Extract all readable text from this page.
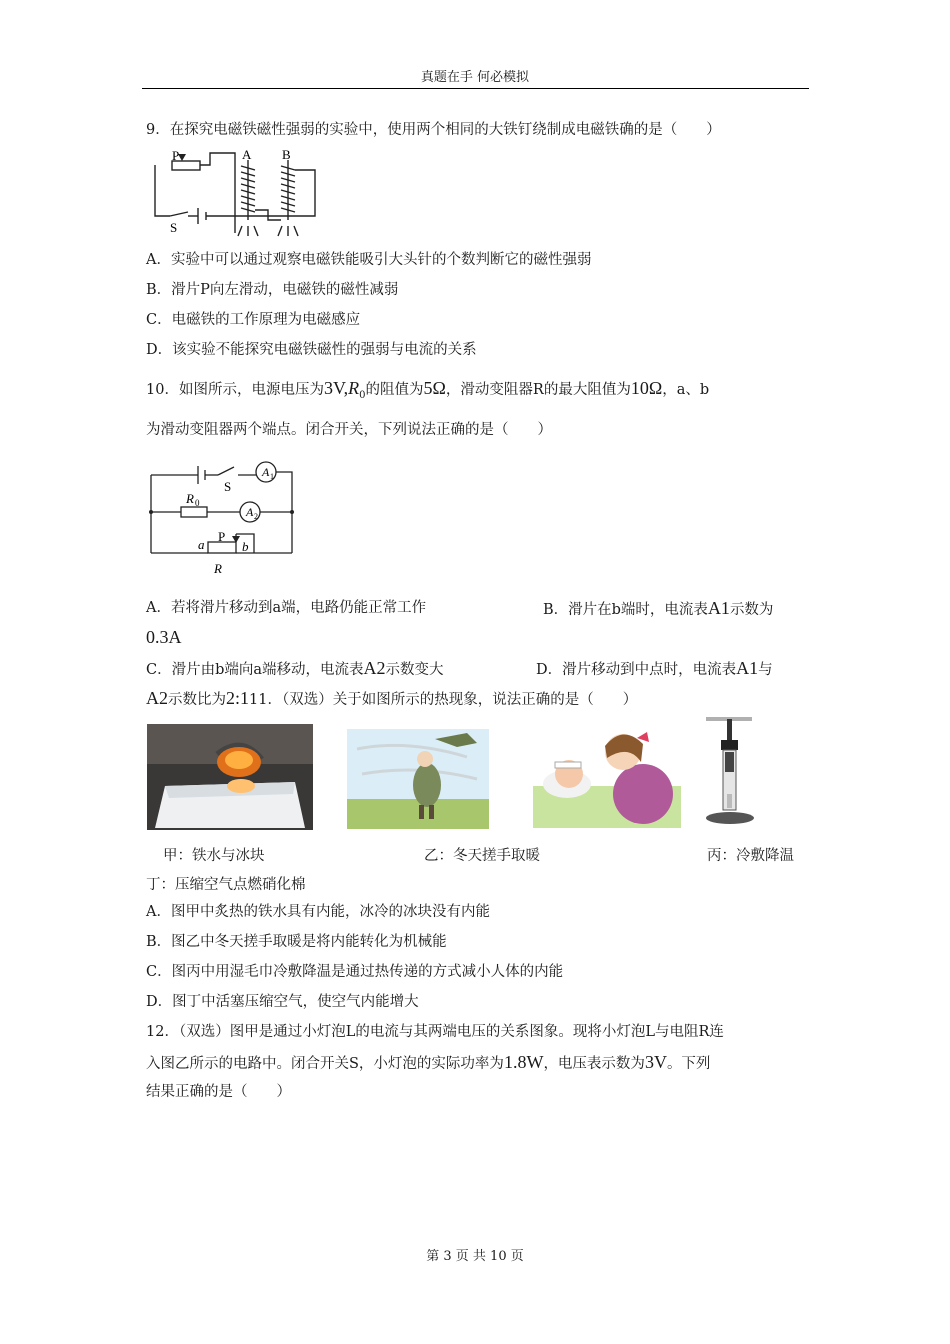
真题在手 何必模拟
9．在探究电磁铁磁性强弱的实验中，使用两个相同的大铁钉绕制成电磁铁确的是（　　）
P	A B
S
A．实验中可以通过观察电磁铁能吸引大头针的个数判断它的磁性强弱
B．滑片P向左滑动，电磁铁的磁性减弱
C．电磁铁的工作原理为电磁感应
D．该实验不能探究电磁铁磁性的强弱与电流的关系
10．如图所示，电源电压为$3V,R_0$的阻值为5Ω，滑动变阻器R的最大阻值为10Ω，a、b
为滑动变阻器两个端点。闭合开关，下列说法正确的是（　　）
A 1
A 2
S
R 0
a
P
b
R
A．若将滑片移动到a端，电路仍能正常工作	B．滑片在b端时，电流表A1示数为
0.3A
C．滑片由b端向a端移动，电流表A2示数变大	D．滑片移动到中点时，电流表A1与
A2示数比为2:111．（双选）关于如图所示的热现象，说法正确的是（　　）
甲：铁水与冰块	乙：冬天搓手取暖	丙：冷敷降温
丁：压缩空气点燃硝化棉
A．图甲中炙热的铁水具有内能，冰冷的冰块没有内能
B．图乙中冬天搓手取暖是将内能转化为机械能
C．图丙中用湿毛巾冷敷降温是通过热传递的方式减小人体的内能
D．图丁中活塞压缩空气，使空气内能增大
12．（双选）图甲是通过小灯泡L的电流与其两端电压的关系图象。现将小灯泡L与电阻R连
入图乙所示的电路中。闭合开关S，小灯泡的实际功率为1.8W，电压表示数为3V。下列
结果正确的是（　　）
第 3 页 共 10 页
